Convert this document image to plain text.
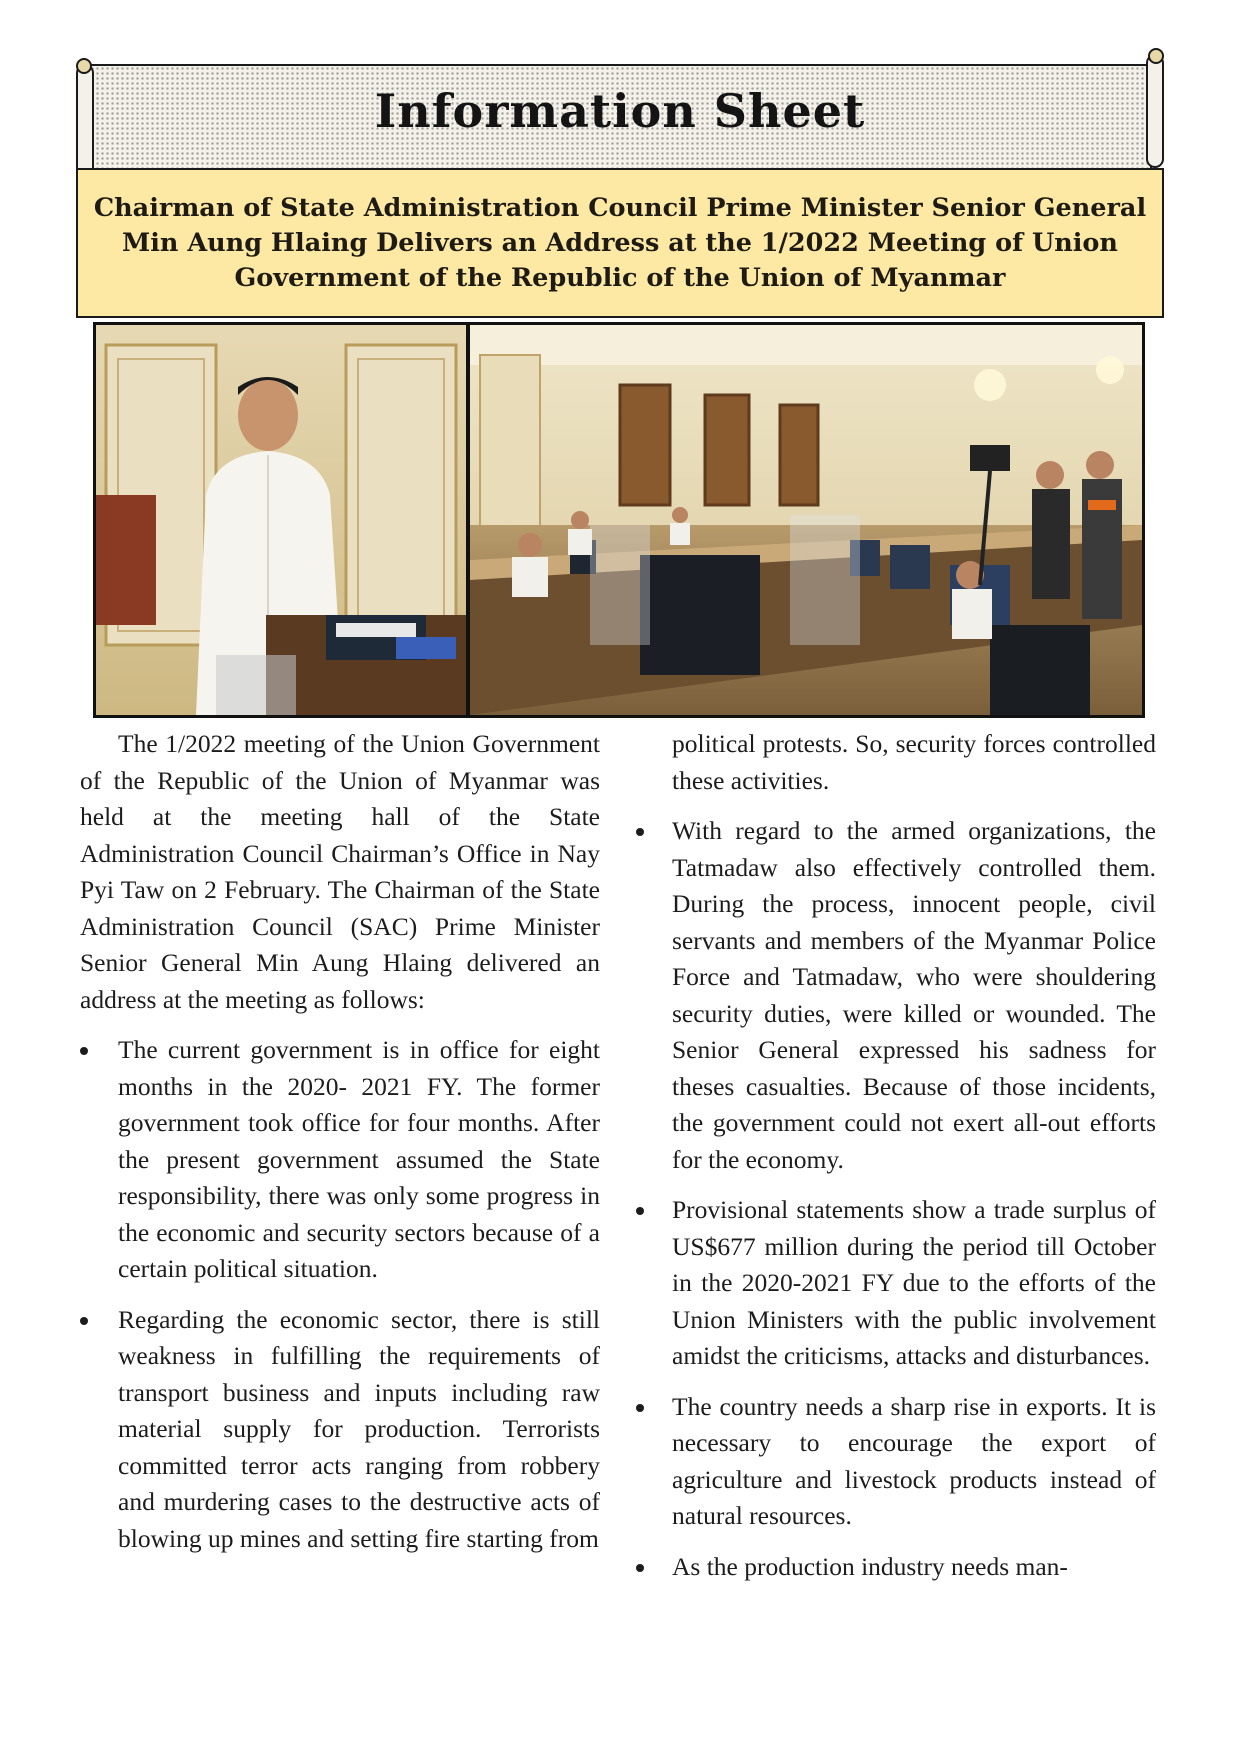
Information Sheet
Chairman of State Administration Council Prime Minister Senior General Min Aung Hlaing Delivers an Address at the 1/2022 Meeting of Union Government of the Republic of the Union of Myanmar

The 1/2022 meeting of the Union Government of the Republic of the Union of Myanmar was held at the meeting hall of the State Administration Council Chairman’s Office in Nay Pyi Taw on 2 February. The Chairman of the State Administration Council (SAC) Prime Minister Senior General Min Aung Hlaing delivered an address at the meeting as follows:

The current government is in office for eight months in the 2020- 2021 FY. The former government took office for four months. After the present government assumed the State responsibility, there was only some progress in the economic and security sectors because of a certain political situation.
Regarding the economic sector, there is still weakness in fulfilling the requirements of transport business and inputs including raw material supply for production. Terrorists committed terror acts ranging from robbery and murdering cases to the destructive acts of blowing up mines and setting fire starting from

political protests. So, security forces controlled these activities.

With regard to the armed organizations, the Tatmadaw also effectively controlled them. During the process, innocent people, civil servants and members of the Myanmar Police Force and Tatmadaw, who were shouldering security duties, were killed or wounded. The Senior General expressed his sadness for theses casualties. Because of those incidents, the government could not exert all-out efforts for the economy.
Provisional statements show a trade surplus of US$677 million during the period till October in the 2020-2021 FY due to the efforts of the Union Ministers with the public involvement amidst the criticisms, attacks and disturbances.
The country needs a sharp rise in exports. It is necessary to encourage the export of agriculture and livestock products instead of natural resources.
As the production industry needs man-
